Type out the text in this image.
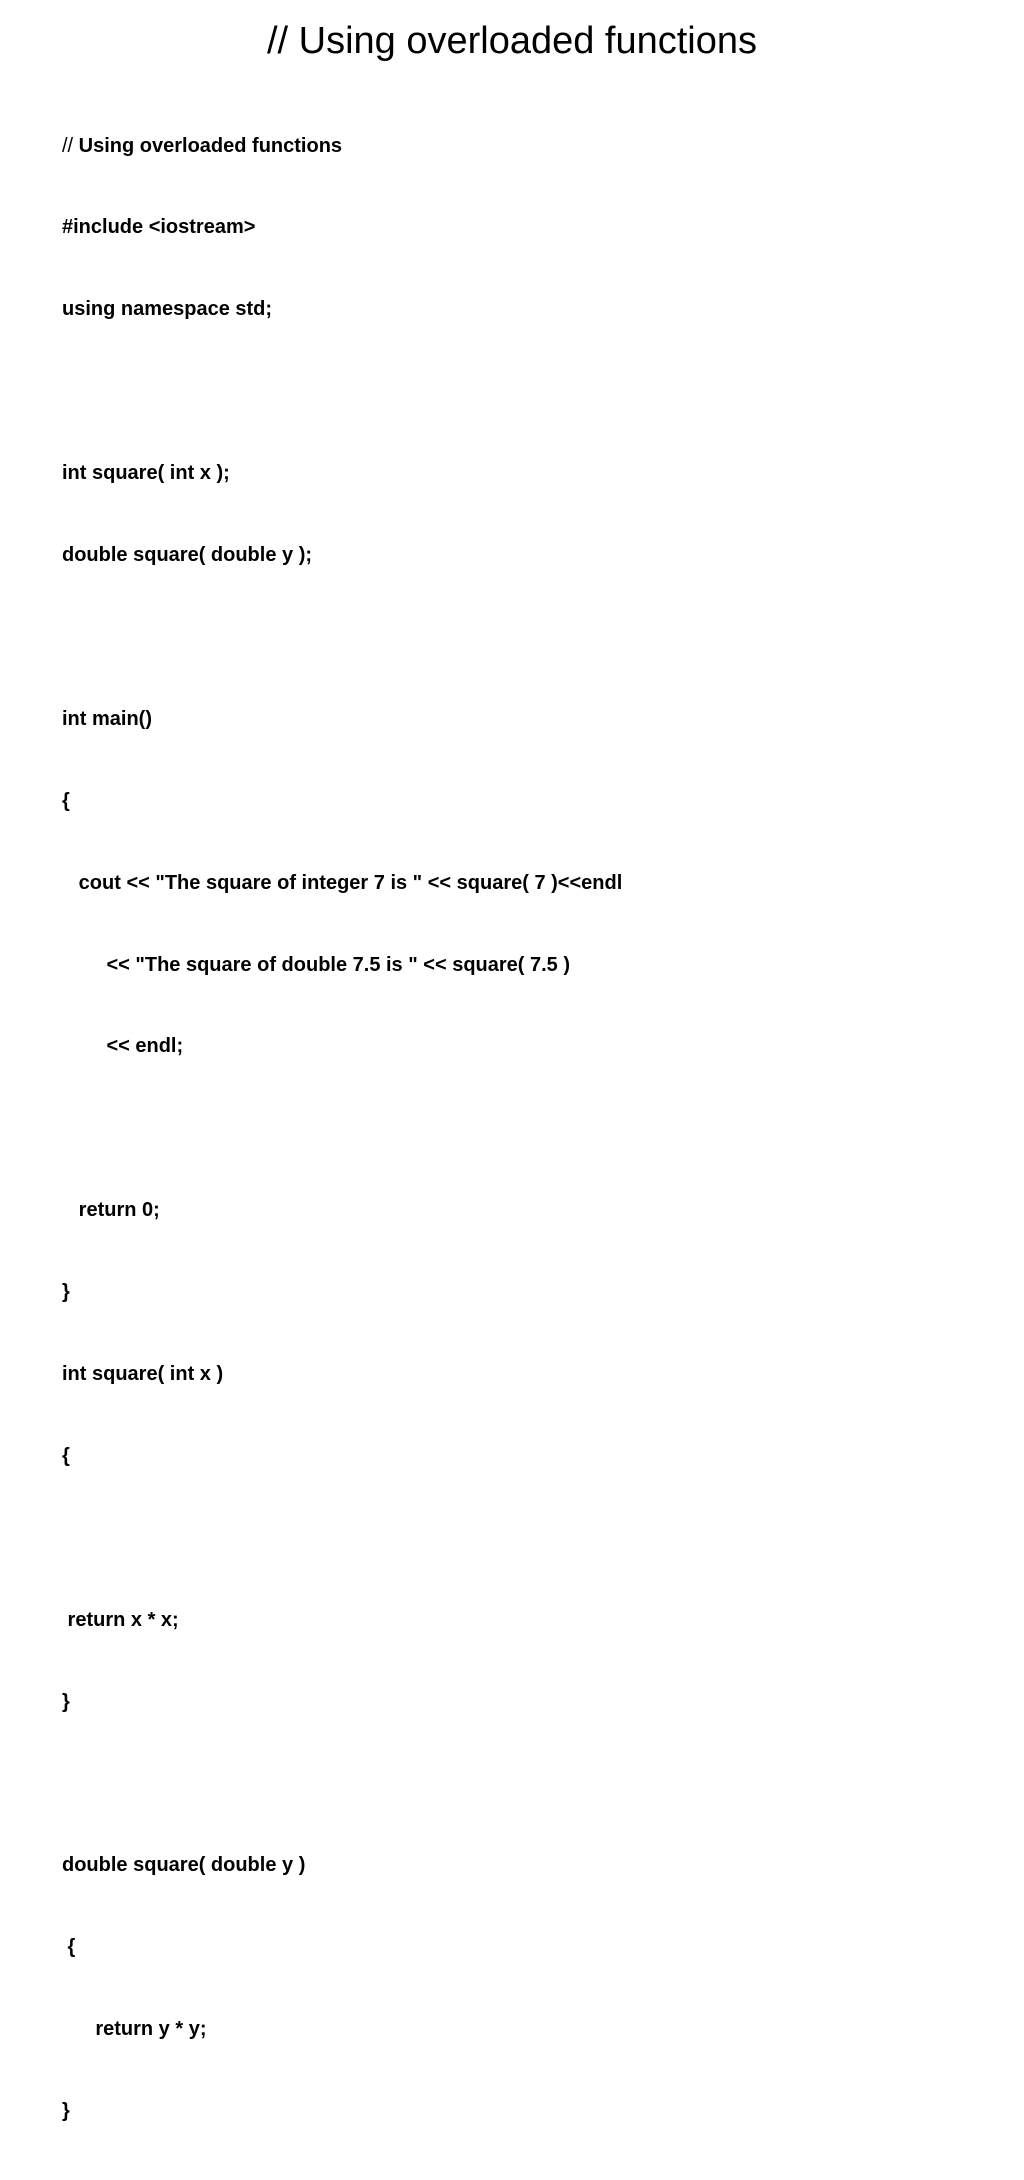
// Using overloaded functions

// Using overloaded functions

#include <iostream>

using namespace std;

int square( int x );

double square( double y );

int main()

{

cout << "The square of integer 7 is " << square( 7 )<<endl

<< "The square of double 7.5 is " << square( 7.5 )

<< endl;

return 0;

}

int square( int x )

{

return x * x;

}

double square( double y )

{

return y * y;

}
